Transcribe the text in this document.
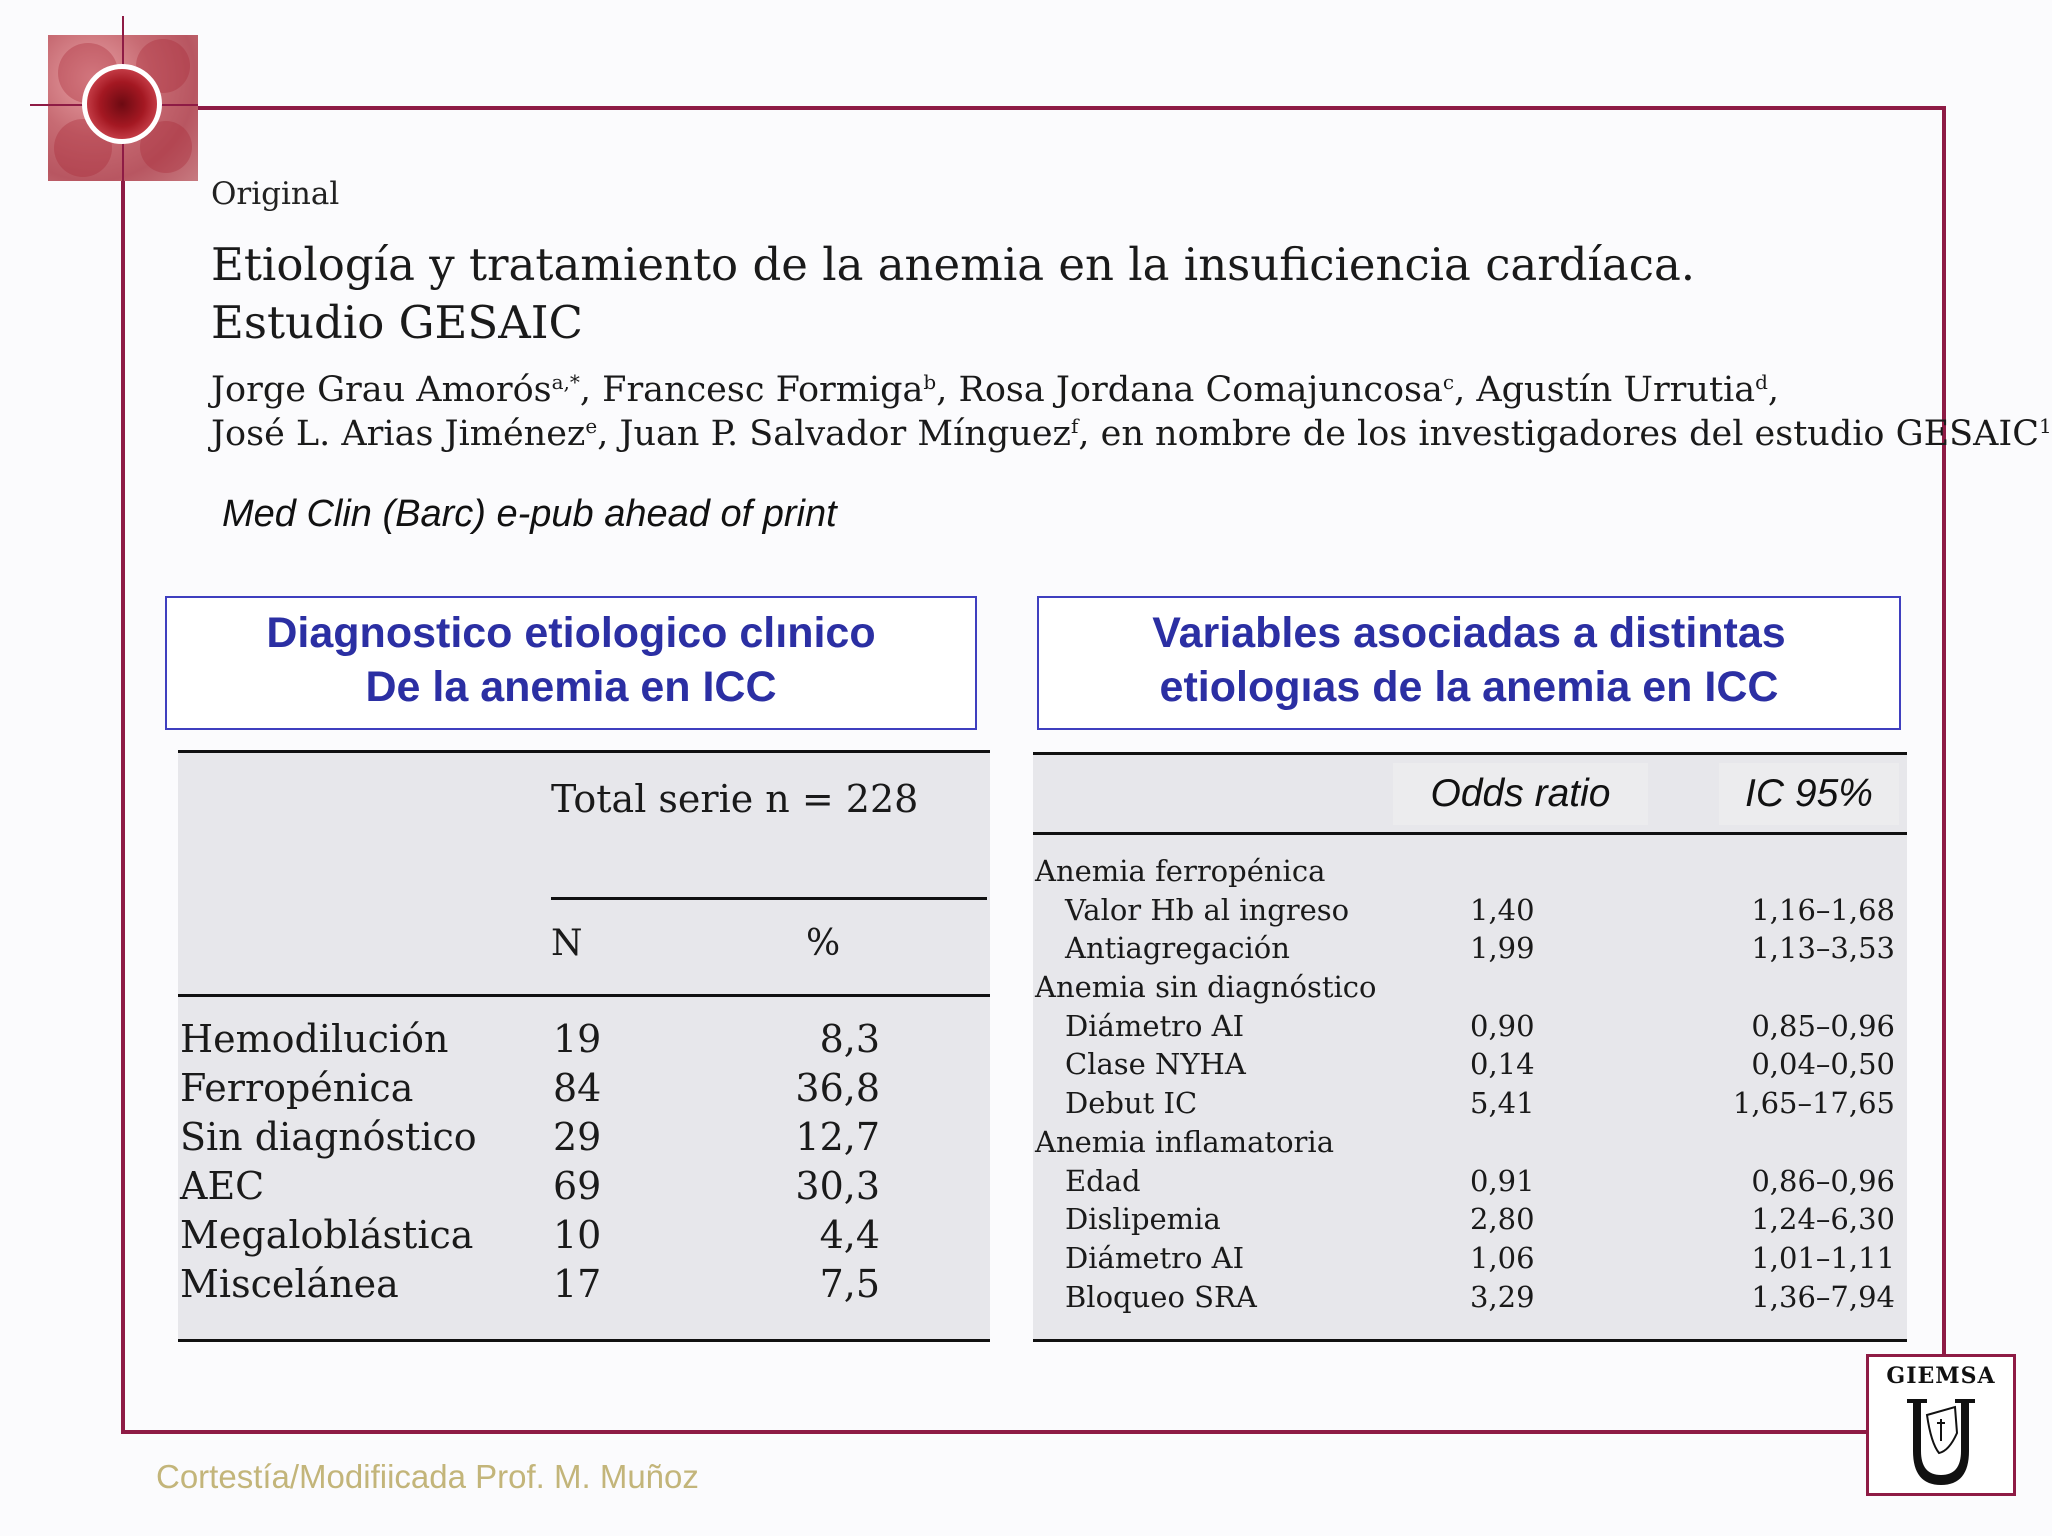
Original
Etiología y tratamiento de la anemia en la insuficiencia cardíaca.
Estudio GESAIC
Jorge Grau Amorós$^{a,*}$, Francesc Formiga$^b$, Rosa Jordana Comajuncosa$^c$, Agustín Urrutia$^d$,
José L. Arias Jiménez$^e$, Juan P. Salvador Mínguez$^f$, en nombre de los investigadores del estudio GESAIC$^1$
Med Clin (Barc) e-pub ahead of print
Diagnostico etiologico clınico
De la anemia en ICC
Variables asociadas a distintas
etiologıas de la anemia en ICC
Total serie n = 228
N	%
Hemodilución	19	8,3
Ferropénica	84	36,8
Sin diagnóstico 29	12,7
AEC	69	30,3
Megaloblástica 10	4,4
Miscelánea	17	7,5
Odds ratio	IC 95%
Anemia ferropénica
Valor Hb al ingreso	1,40	1,16–1,68
Antiagregación	1,99	1,13–3,53
Anemia sin diagnóstico
Diámetro AI	0,90	0,85–0,96
Clase NYHA	0,14	0,04–0,50
Debut IC	5,41	1,65–17,65
Anemia inflamatoria
Edad	0,91	0,86–0,96
Dislipemia	2,80	1,24–6,30
Diámetro AI	1,06	1,01–1,11
Bloqueo SRA	3,29	1,36–7,94
Cortestía/Modifiicada Prof. M. Muñoz
GIEMSA
